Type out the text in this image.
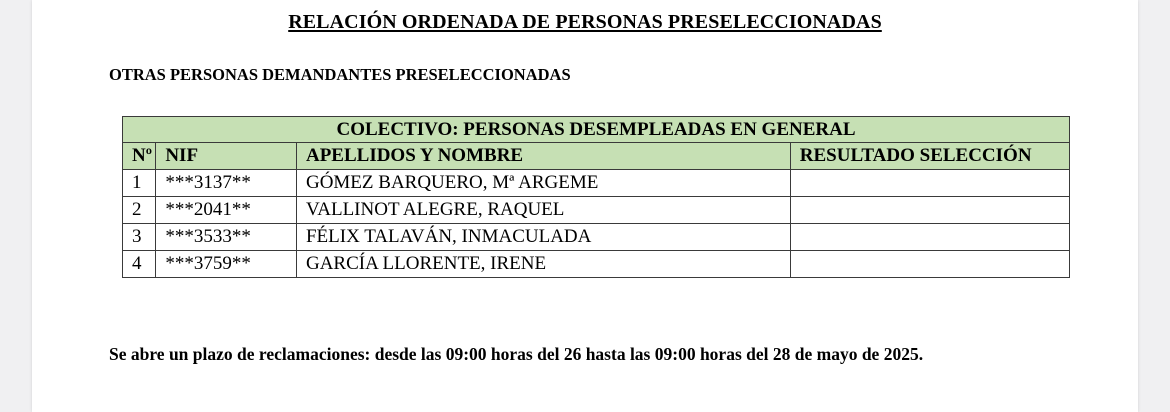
RELACIÓN ORDENADA DE PERSONAS PRESELECCIONADAS
OTRAS PERSONAS DEMANDANTES PRESELECCIONADAS
COLECTIVO: PERSONAS DESEMPLEADAS EN GENERAL			
Nº	NIF	APELLIDOS Y NOMBRE	RESULTADO SELECCIÓN
1	***3137**	GÓMEZ BARQUERO, Mª ARGEME	
2	***2041**	VALLINOT ALEGRE, RAQUEL	
3	***3533**	FÉLIX TALAVÁN, INMACULADA	
4	***3759**	GARCÍA LLORENTE, IRENE	
Se abre un plazo de reclamaciones: desde las 09:00 horas del 26 hasta las 09:00 horas del 28 de mayo de 2025.
